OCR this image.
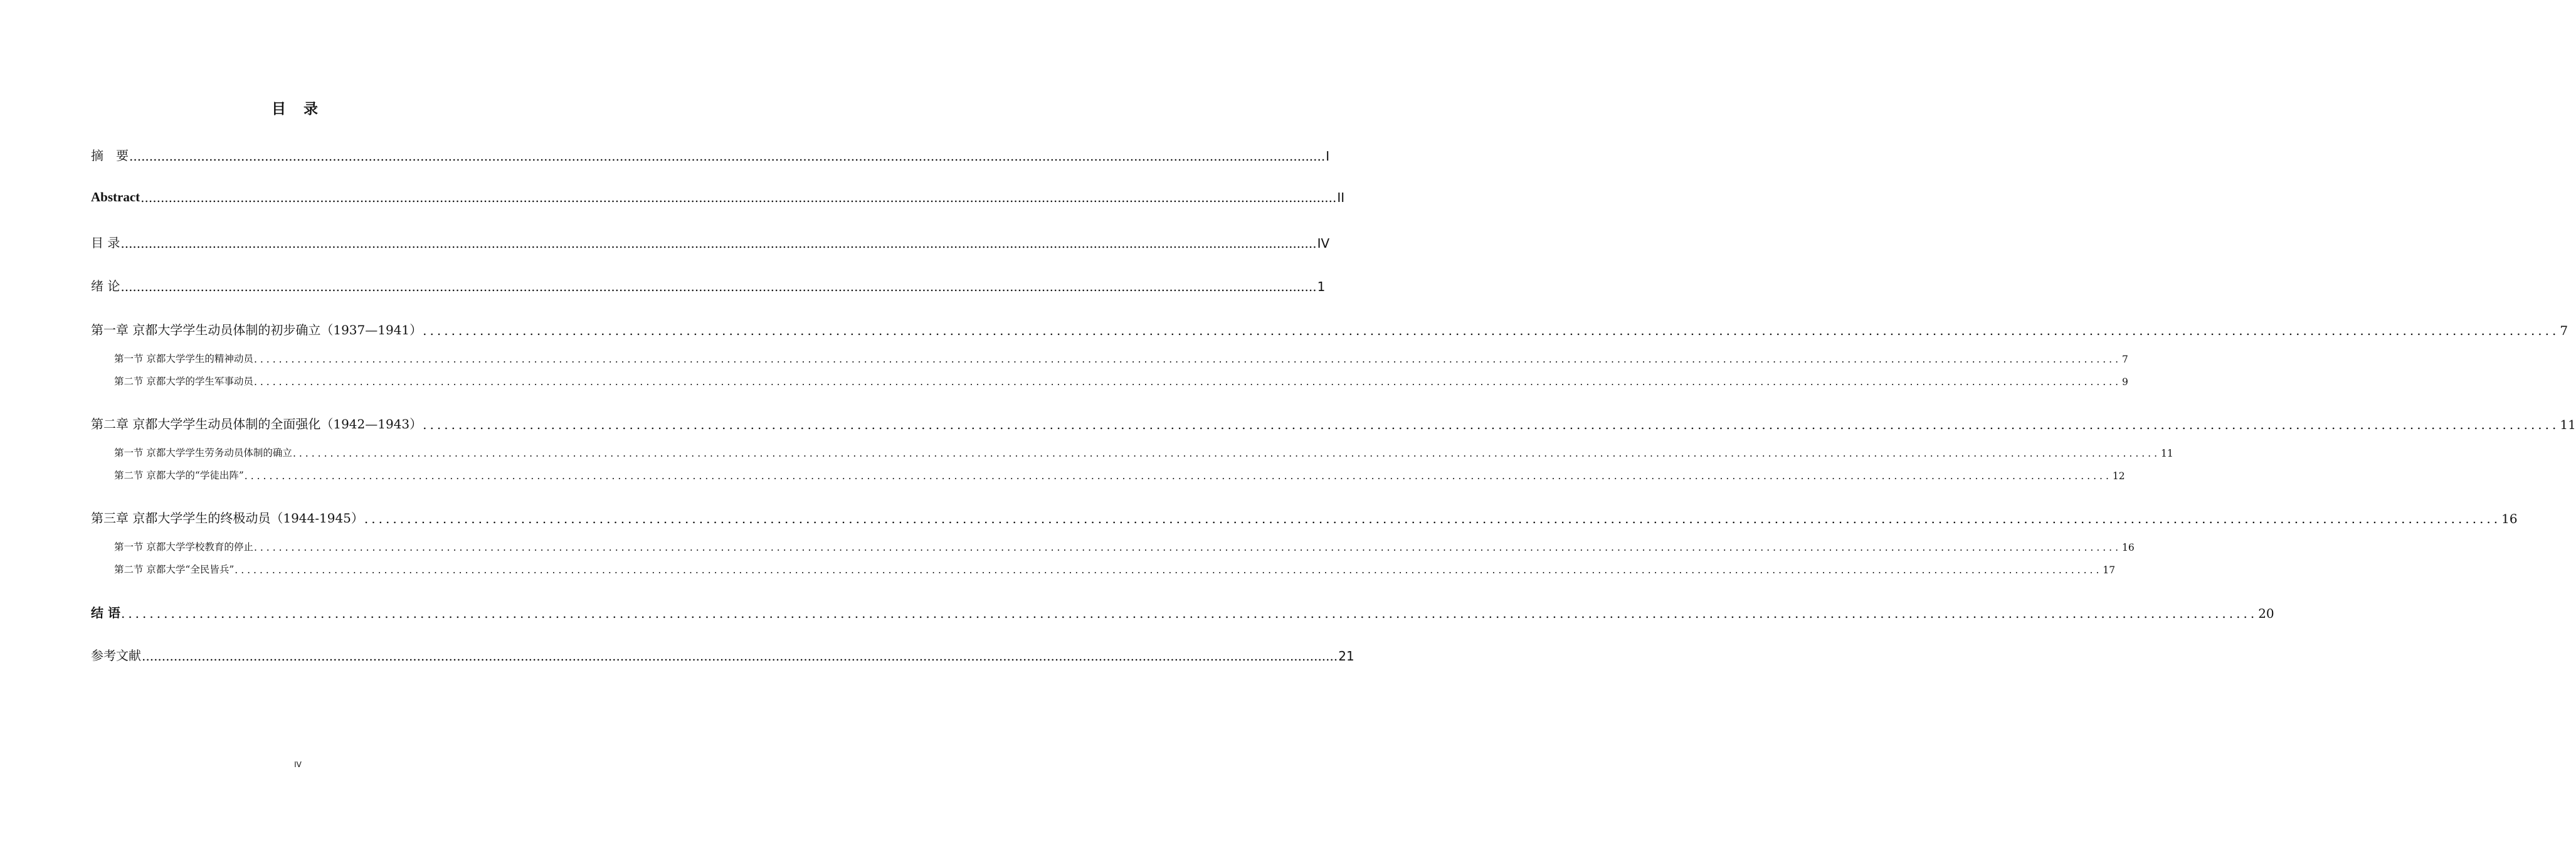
目 录
摘　要 ............................................................................................................................................................................................................................................................................................................ I
Abstract ............................................................................................................................................................................................................................................................................................................ II
目 录 ............................................................................................................................................................................................................................................................................................................ IV
绪 论 ............................................................................................................................................................................................................................................................................................................ 1
第一章 京都大学学生动员体制的初步确立（1937—1941） ............................................................................................................................................................................................................................................................................................................ 7
第一节 京都大学学生的精神动员 ............................................................................................................................................................................................................................................................................................................ 7
第二节 京都大学的学生军事动员 ............................................................................................................................................................................................................................................................................................................ 9
第二章 京都大学学生动员体制的全面强化（1942—1943） ............................................................................................................................................................................................................................................................................................................ 11
第一节 京都大学学生劳务动员体制的确立 ............................................................................................................................................................................................................................................................................................................ 11
第二节 京都大学的“学徒出阵” ............................................................................................................................................................................................................................................................................................................ 12
第三章 京都大学学生的终极动员（1944-1945） ............................................................................................................................................................................................................................................................................................................ 16
第一节 京都大学学校教育的停止 ............................................................................................................................................................................................................................................................................................................ 16
第二节 京都大学“全民皆兵” ............................................................................................................................................................................................................................................................................................................ 17
结 语 ............................................................................................................................................................................................................................................................................................................ 20
参考文献 ............................................................................................................................................................................................................................................................................................................ 21
IV
